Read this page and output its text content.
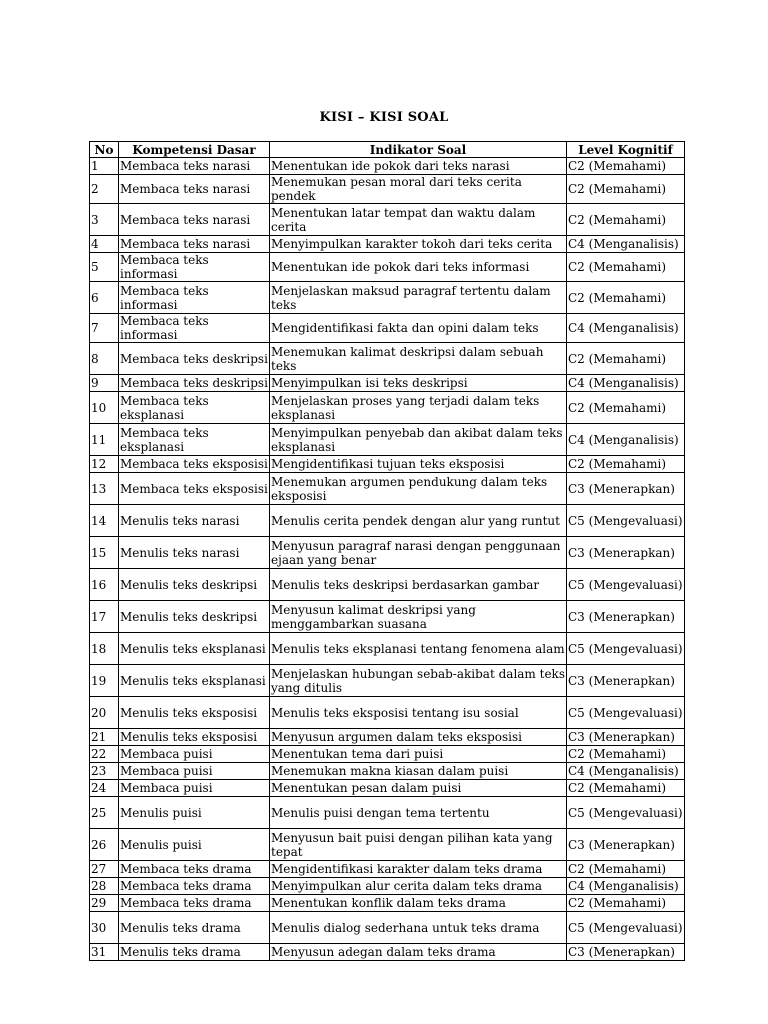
KISI – KISI SOAL
No	Kompetensi Dasar	Indikator Soal	Level Kognitif
1	Membaca teks narasi	Menentukan ide pokok dari teks narasi	C2 (Memahami)
2	Membaca teks narasi	Menemukan pesan moral dari teks cerita pendek	C2 (Memahami)
3	Membaca teks narasi	Menentukan latar tempat dan waktu dalam cerita	C2 (Memahami)
4	Membaca teks narasi	Menyimpulkan karakter tokoh dari teks cerita	C4 (Menganalisis)
5	Membaca teks informasi	Menentukan ide pokok dari teks informasi	C2 (Memahami)
6	Membaca teks informasi	Menjelaskan maksud paragraf tertentu dalam teks	C2 (Memahami)
7	Membaca teks informasi	Mengidentifikasi fakta dan opini dalam teks	C4 (Menganalisis)
8	Membaca teks deskripsi	Menemukan kalimat deskripsi dalam sebuah teks	C2 (Memahami)
9	Membaca teks deskripsi	Menyimpulkan isi teks deskripsi	C4 (Menganalisis)
10	Membaca teks eksplanasi	Menjelaskan proses yang terjadi dalam teks eksplanasi	C2 (Memahami)
11	Membaca teks eksplanasi	Menyimpulkan penyebab dan akibat dalam teks eksplanasi	C4 (Menganalisis)
12	Membaca teks eksposisi	Mengidentifikasi tujuan teks eksposisi	C2 (Memahami)
13	Membaca teks eksposisi	Menemukan argumen pendukung dalam teks eksposisi	C3 (Menerapkan)
14	Menulis teks narasi	Menulis cerita pendek dengan alur yang runtut	C5 (Mengevaluasi)
15	Menulis teks narasi	Menyusun paragraf narasi dengan penggunaan ejaan yang benar	C3 (Menerapkan)
16	Menulis teks deskripsi	Menulis teks deskripsi berdasarkan gambar	C5 (Mengevaluasi)
17	Menulis teks deskripsi	Menyusun kalimat deskripsi yang menggambarkan suasana	C3 (Menerapkan)
18	Menulis teks eksplanasi	Menulis teks eksplanasi tentang fenomena alam	C5 (Mengevaluasi)
19	Menulis teks eksplanasi	Menjelaskan hubungan sebab-akibat dalam teks yang ditulis	C3 (Menerapkan)
20	Menulis teks eksposisi	Menulis teks eksposisi tentang isu sosial	C5 (Mengevaluasi)
21	Menulis teks eksposisi	Menyusun argumen dalam teks eksposisi	C3 (Menerapkan)
22	Membaca puisi	Menentukan tema dari puisi	C2 (Memahami)
23	Membaca puisi	Menemukan makna kiasan dalam puisi	C4 (Menganalisis)
24	Membaca puisi	Menentukan pesan dalam puisi	C2 (Memahami)
25	Menulis puisi	Menulis puisi dengan tema tertentu	C5 (Mengevaluasi)
26	Menulis puisi	Menyusun bait puisi dengan pilihan kata yang tepat	C3 (Menerapkan)
27	Membaca teks drama	Mengidentifikasi karakter dalam teks drama	C2 (Memahami)
28	Membaca teks drama	Menyimpulkan alur cerita dalam teks drama	C4 (Menganalisis)
29	Membaca teks drama	Menentukan konflik dalam teks drama	C2 (Memahami)
30	Menulis teks drama	Menulis dialog sederhana untuk teks drama	C5 (Mengevaluasi)
31	Menulis teks drama	Menyusun adegan dalam teks drama	C3 (Menerapkan)
